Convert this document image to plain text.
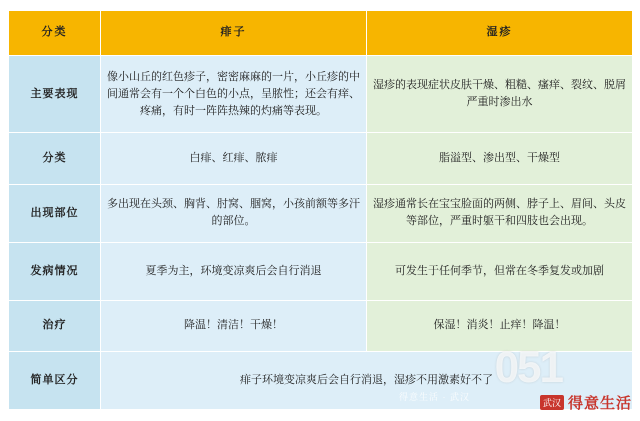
分类	痱子	湿疹
主要表现	像小山丘的红色疹子，密密麻麻的一片，小丘疹的中间通常会有一个个白色的小点，呈脓性；还会有痒、疼痛，有时一阵阵热辣的灼痛等表现。	湿疹的表现症状皮肤干燥、粗糙、瘙痒、裂纹、脱屑严重时渗出水
分类	白痱、红痱、脓痱	脂溢型、渗出型、干燥型
出现部位	多出现在头颈、胸背、肘窝、腘窝，小孩前额等多汗的部位。	湿疹通常长在宝宝脸面的两侧、脖子上、眉间、头皮等部位，严重时躯干和四肢也会出现。
发病情况	夏季为主，环境变凉爽后会自行消退	可发生于任何季节，但常在冬季复发或加剧
治疗	降温！清洁！干燥！	保湿！消炎！止痒！降温！
简单区分	痱子环境变凉爽后会自行消退，湿疹不用激素好不了	051
得意生活 · 武汉
武汉 得意生活
